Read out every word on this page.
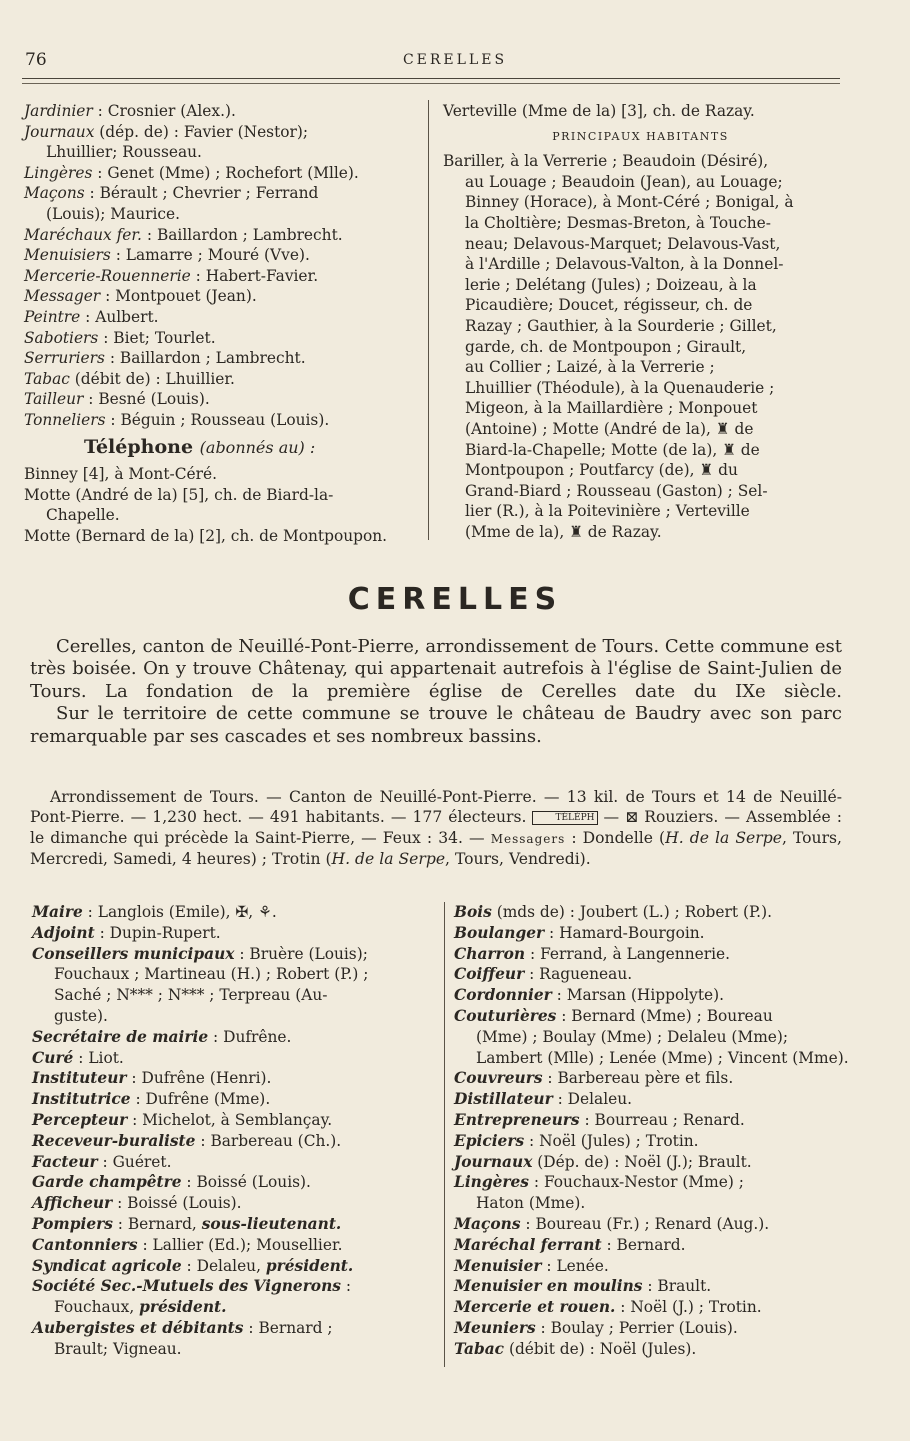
76	CERELLES
Jardinier : Crosnier (Alex.).
Journaux (dép. de) : Favier (Nestor);
Lhuillier; Rousseau.
Lingères : Genet (Mme) ; Rochefort (Mlle).
Maçons : Bérault ; Chevrier ; Ferrand
(Louis); Maurice.
Maréchaux fer. : Baillardon ; Lambrecht.
Menuisiers : Lamarre ; Mouré (Vve).
Mercerie-Rouennerie : Habert-Favier.
Messager : Montpouet (Jean).
Peintre : Aulbert.
Sabotiers : Biet; Tourlet.
Serruriers : Baillardon ; Lambrecht.
Tabac (débit de) : Lhuillier.
Tailleur : Besné (Louis).
Tonneliers : Béguin ; Rousseau (Louis).
Téléphone (abonnés au) :
Binney [4], à Mont-Céré.
Motte (André de la) [5], ch. de Biard-la-
Chapelle.
Motte (Bernard de la) [2], ch. de Montpoupon.
Verteville (Mme de la) [3], ch. de Razay.
PRINCIPAUX HABITANTS
Bariller, à la Verrerie ; Beaudoin (Désiré),
au Louage ; Beaudoin (Jean), au Louage;
Binney (Horace), à Mont-Céré ; Bonigal, à
la Choltière; Desmas-Breton, à Touche-
neau; Delavous-Marquet; Delavous-Vast,
à l'Ardille ; Delavous-Valton, à la Donnel-
lerie ; Delétang (Jules) ; Doizeau, à la
Picaudière; Doucet, régisseur, ch. de
Razay ; Gauthier, à la Sourderie ; Gillet,
garde, ch. de Montpoupon ; Girault,
au Collier ; Laizé, à la Verrerie ;
Lhuillier (Théodule), à la Quenauderie ;
Migeon, à la Maillardière ; Monpouet
(Antoine) ; Motte (André de la), ♜ de
Biard-la-Chapelle; Motte (de la), ♜ de
Montpoupon ; Poutfarcy (de), ♜ du
Grand-Biard ; Rousseau (Gaston) ; Sel-
lier (R.), à la Poitevinière ; Verteville
(Mme de la), ♜ de Razay.
CERELLES
Cerelles, canton de Neuillé-Pont-Pierre, arrondissement de Tours. Cette commune est très boisée. On y trouve Châtenay, qui appartenait autrefois à l'église de Saint-Julien de Tours. La fondation de la première église de Cerelles date du IXe siècle.
Sur le territoire de cette commune se trouve le château de Baudry avec son parc remarquable par ses cascades et ses nombreux bassins.
Arrondissement de Tours. — Canton de Neuillé-Pont-Pierre. — 13 kil. de Tours et 14 de Neuillé-Pont-Pierre. — 1,230 hect. — 491 habitants. — 177 électeurs.	TÉLÉPH — ⊠ Rouziers. — Assemblée : le dimanche qui précède la Saint-Pierre, — Feux : 34. — Messagers : Dondelle (H. de la Serpe, Tours, Mercredi, Samedi, 4 heures) ; Trotin (H. de la Serpe, Tours, Vendredi).
Maire : Langlois (Emile), ✠, ⚘.
Adjoint : Dupin-Rupert.
Conseillers municipaux : Bruère (Louis);
Fouchaux ; Martineau (H.) ; Robert (P.) ;
Saché ; N*** ; N*** ; Terpreau (Au-
guste).
Secrétaire de mairie : Dufrêne.
Curé : Liot.
Instituteur : Dufrêne (Henri).
Institutrice : Dufrêne (Mme).
Percepteur : Michelot, à Semblançay.
Receveur-buraliste : Barbereau (Ch.).
Facteur : Guéret.
Garde champêtre : Boissé (Louis).
Afficheur : Boissé (Louis).
Pompiers : Bernard, sous-lieutenant.
Cantonniers : Lallier (Ed.); Mousellier.
Syndicat agricole : Delaleu, président.
Société Sec.-Mutuels des Vignerons :
Fouchaux, président.
Aubergistes et débitants : Bernard ;
Brault; Vigneau.
Bois (mds de) : Joubert (L.) ; Robert (P.).
Boulanger : Hamard-Bourgoin.
Charron : Ferrand, à Langennerie.
Coiffeur : Ragueneau.
Cordonnier : Marsan (Hippolyte).
Couturières : Bernard (Mme) ; Boureau
(Mme) ; Boulay (Mme) ; Delaleu (Mme);
Lambert (Mlle) ; Lenée (Mme) ; Vincent (Mme).
Couvreurs : Barbereau père et fils.
Distillateur : Delaleu.
Entrepreneurs : Bourreau ; Renard.
Epiciers : Noël (Jules) ; Trotin.
Journaux (Dép. de) : Noël (J.); Brault.
Lingères : Fouchaux-Nestor (Mme) ;
Haton (Mme).
Maçons : Boureau (Fr.) ; Renard (Aug.).
Maréchal ferrant : Bernard.
Menuisier : Lenée.
Menuisier en moulins : Brault.
Mercerie et rouen. : Noël (J.) ; Trotin.
Meuniers : Boulay ; Perrier (Louis).
Tabac (débit de) : Noël (Jules).
